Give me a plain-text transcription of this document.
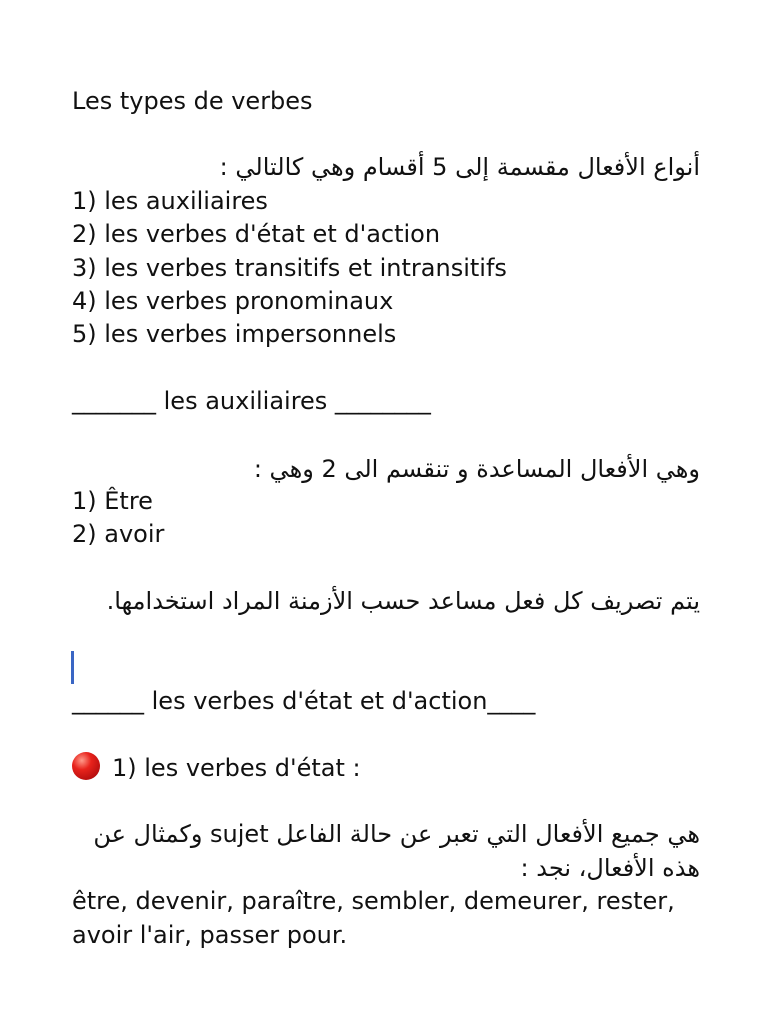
Les types de verbes
أنواع الأفعال مقسمة إلى 5 أقسام وهي كالتالي :
1) les auxiliaires
2) les verbes d'état et d'action
3) les verbes transitifs et intransitifs
4) les verbes pronominaux
5) les verbes impersonnels
_______ les auxiliaires ________
وهي الأفعال المساعدة و تنقسم الى 2 وهي :
1) Être
2) avoir
يتم تصريف كل فعل مساعد حسب الأزمنة المراد استخدامها.
______ les verbes d'état et d'action____
1) les verbes d'état :
هي جميع الأفعال التي تعبر عن حالة الفاعل sujet وكمثال عن هذه الأفعال، نجد :
être, devenir, paraître, sembler, demeurer, rester, avoir l'air, passer pour.
